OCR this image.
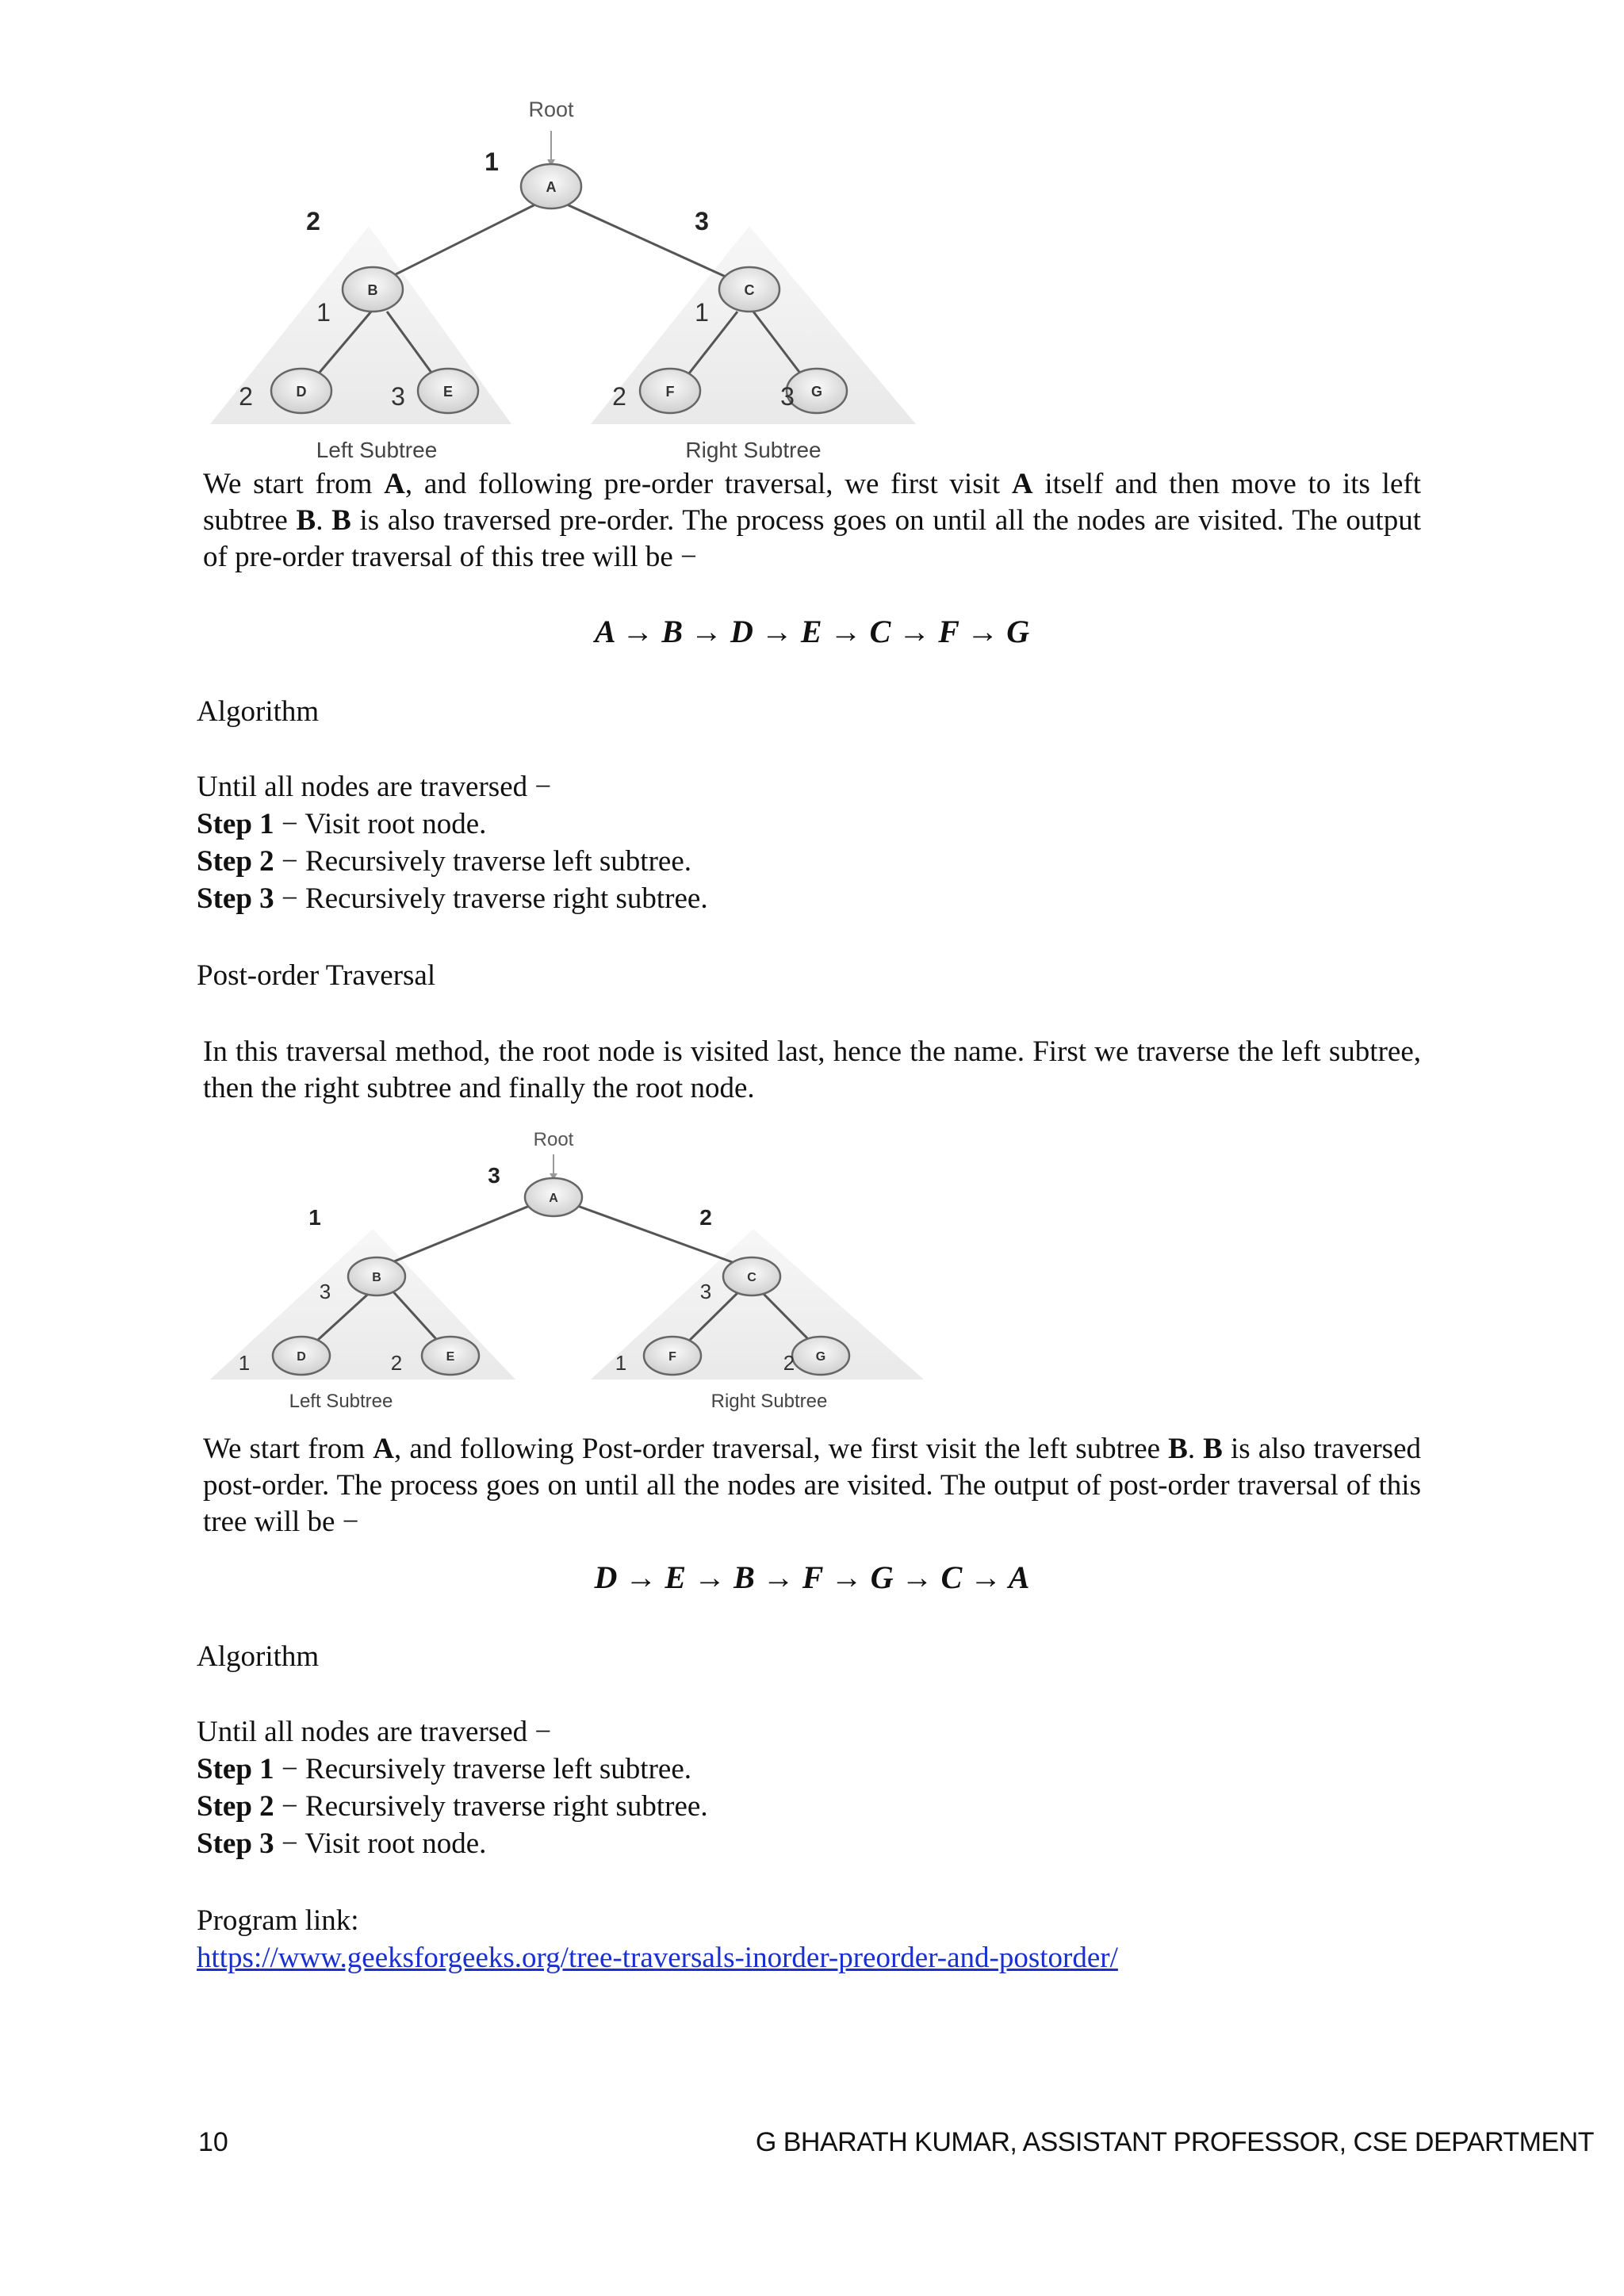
A
B	C
D	E	F	G
Root
1
2	3
1
2	3
1
2	3
Left Subtree	Right Subtree

We start from A, and following pre-order traversal, we first visit A itself and then move to its left subtree B. B is also traversed pre-order. The process goes on until all the nodes are visited. The output of pre-order traversal of this tree will be −

A → B → D → E → C → F → G
Algorithm
Until all nodes are traversed −
Step 1 − Visit root node.
Step 2 − Recursively traverse left subtree.
Step 3 − Recursively traverse right subtree.
Post-order Traversal

In this traversal method, the root node is visited last, hence the name. First we traverse the left subtree, then the right subtree and finally the root node.

A
B	C
D	E	F	G
Root
3
1	2
3
1	2
3
1	2
Left Subtree	Right Subtree

We start from A, and following Post-order traversal, we first visit the left subtree B. B is also traversed post-order. The process goes on until all the nodes are visited. The output of post-order traversal of this tree will be −

D → E → B → F → G → C → A
Algorithm
Until all nodes are traversed −
Step 1 − Recursively traverse left subtree.
Step 2 − Recursively traverse right subtree.
Step 3 − Visit root node.
Program link:
https://www.geeksforgeeks.org/tree-traversals-inorder-preorder-and-postorder/
10	G BHARATH KUMAR, ASSISTANT PROFESSOR, CSE DEPARTMENT
